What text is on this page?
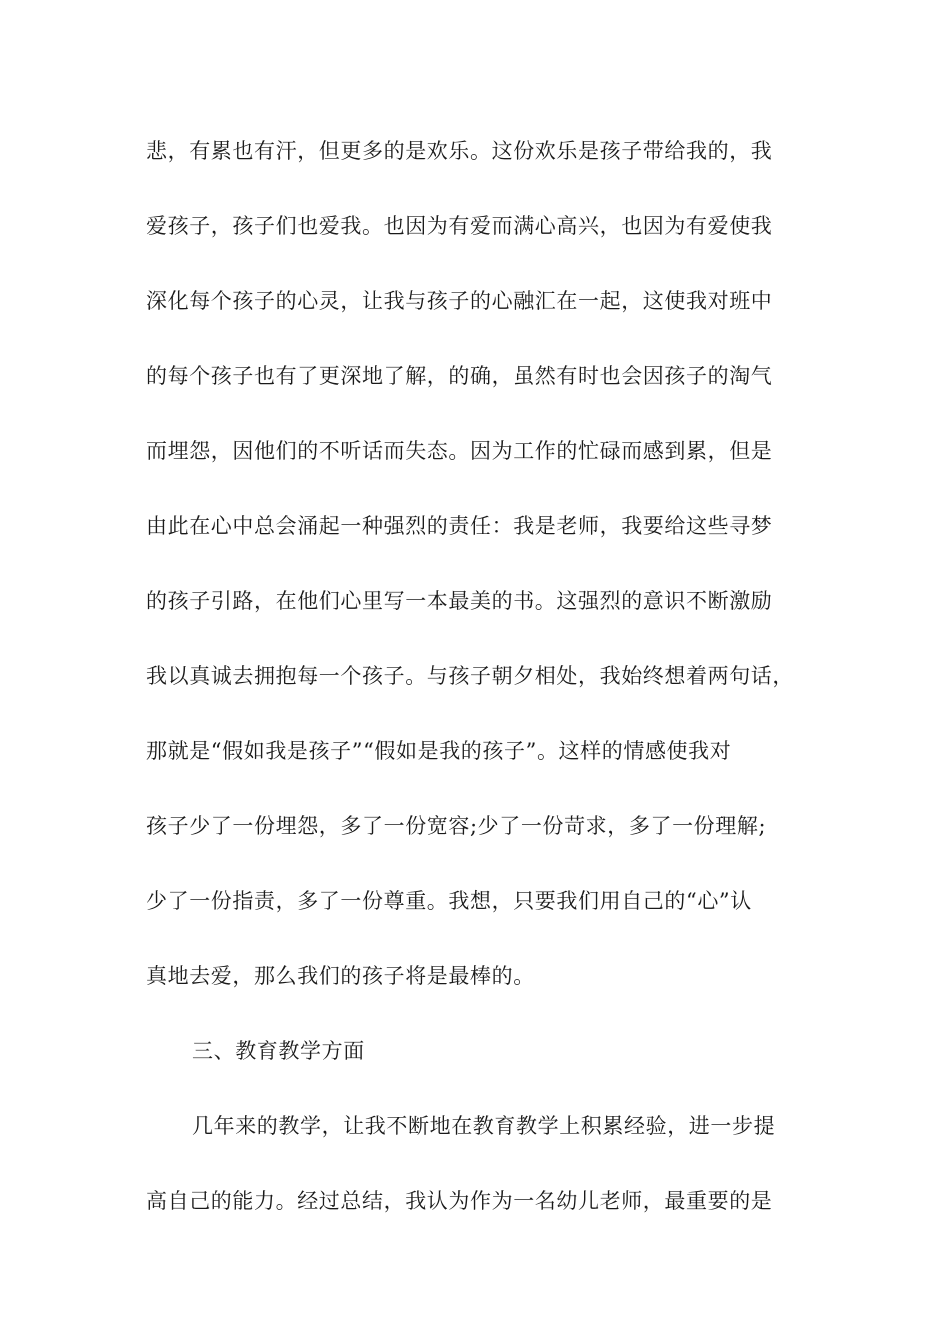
悲，有累也有汗，但更多的是欢乐。这份欢乐是孩子带给我的，我
爱孩子，孩子们也爱我。也因为有爱而满心高兴，也因为有爱使我
深化每个孩子的心灵，让我与孩子的心融汇在一起，这使我对班中
的每个孩子也有了更深地了解，的确，虽然有时也会因孩子的淘气
而埋怨，因他们的不听话而失态。因为工作的忙碌而感到累，但是
由此在心中总会涌起一种强烈的责任：我是老师，我要给这些寻梦
的孩子引路，在他们心里写一本最美的书。这强烈的意识不断激励
我以真诚去拥抱每一个孩子。与孩子朝夕相处，我始终想着两句话，
那就是“假如我是孩子”“假如是我的孩子”。这样的情感使我对
孩子少了一份埋怨，多了一份宽容;少了一份苛求，多了一份理解;
少了一份指责，多了一份尊重。我想，只要我们用自己的“心”认
真地去爱，那么我们的孩子将是最棒的。
三、教育教学方面
几年来的教学，让我不断地在教育教学上积累经验，进一步提
高自己的能力。经过总结，我认为作为一名幼儿老师，最重要的是
